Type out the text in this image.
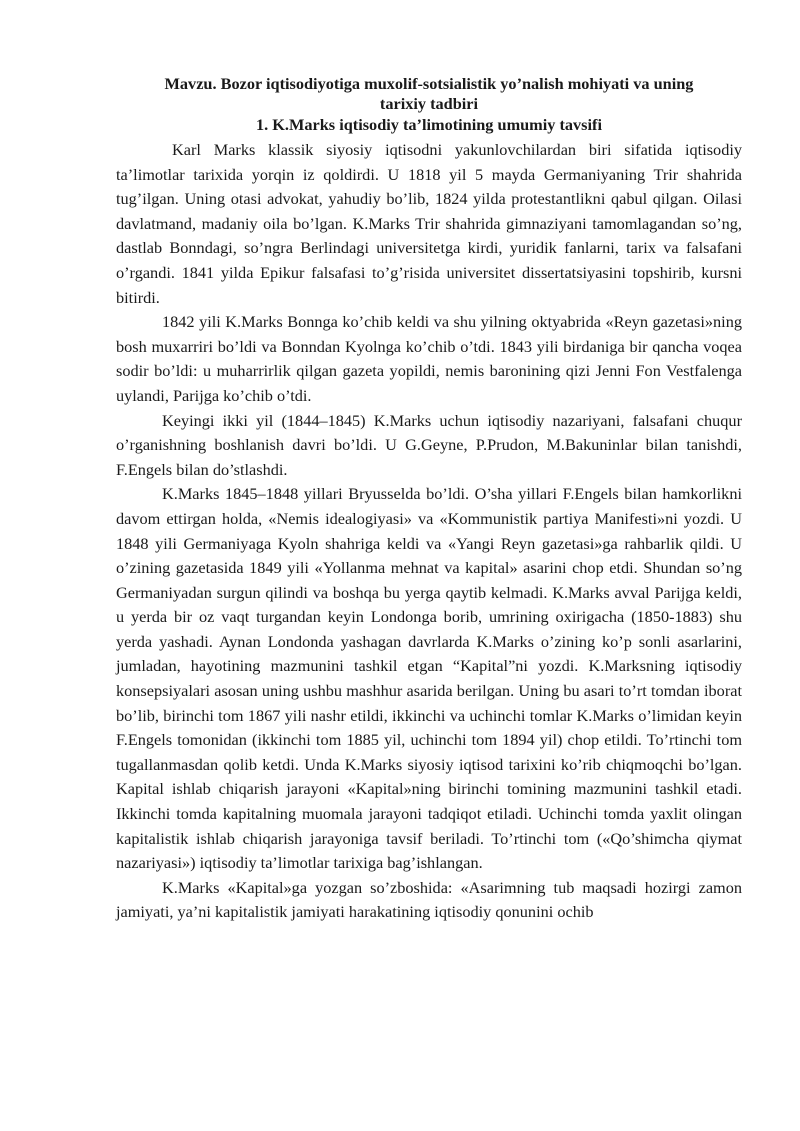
Mavzu. Bozor iqtisodiyotiga muxolif-sotsialistik yo’nalish mohiyati va uning

tarixiy tadbiri

1. K.Marks iqtisodiy ta’limotining umumiy tavsifi

Karl Marks klassik siyosiy iqtisodni yakunlovchilardan biri sifatida iqtisodiy ta’limotlar tarixida yorqin iz qoldirdi. U 1818 yil 5 mayda Germaniyaning Trir shahrida tug’ilgan. Uning otasi advokat, yahudiy bo’lib, 1824 yilda protestantlikni qabul qilgan. Oilasi davlatmand, madaniy oila bo’lgan. K.Marks Trir shahrida gimnaziyani tamomlagandan so’ng, dastlab Bonndagi, so’ngra Berlindagi universitetga kirdi, yuridik fanlarni, tarix va falsafani o’rgandi. 1841 yilda Epikur falsafasi to’g’risida universitet dissertatsiyasini topshirib, kursni bitirdi.

1842 yili K.Marks Bonnga ko’chib keldi va shu yilning oktyabrida «Reyn gazetasi»ning bosh muxarriri bo’ldi va Bonndan Kyolnga ko’chib o’tdi. 1843 yili birdaniga bir qancha voqea sodir bo’ldi: u muharrirlik qilgan gazeta yopildi, nemis baronining qizi Jenni Fon Vestfalenga uylandi, Parijga ko’chib o’tdi.

Keyingi ikki yil (1844–1845) K.Marks uchun iqtisodiy nazariyani, falsafani chuqur o’rganishning boshlanish davri bo’ldi. U G.Geyne, P.Prudon, M.Bakuninlar bilan tanishdi, F.Engels bilan do’stlashdi.

K.Marks 1845–1848 yillari Bryusselda bo’ldi. O’sha yillari F.Engels bilan hamkorlikni davom ettirgan holda, «Nemis idealogiyasi» va «Kommunistik partiya Manifesti»ni yozdi. U 1848 yili Germaniyaga Kyoln shahriga keldi va «Yangi Reyn gazetasi»ga rahbarlik qildi. U o’zining gazetasida 1849 yili «Yollanma mehnat va kapital» asarini chop etdi. Shundan so’ng Germaniyadan surgun qilindi va boshqa bu yerga qaytib kelmadi. K.Marks avval Parijga keldi, u yerda bir oz vaqt turgandan keyin Londonga borib, umrining oxirigacha (1850-1883) shu yerda yashadi. Aynan Londonda yashagan davrlarda K.Marks o’zining ko’p sonli asarlarini, jumladan, hayotining mazmunini tashkil etgan “Kapital”ni yozdi. K.Marksning iqtisodiy konsepsiyalari asosan uning ushbu mashhur asarida berilgan. Uning bu asari to’rt tomdan iborat bo’lib, birinchi tom 1867 yili nashr etildi, ikkinchi va uchinchi tomlar K.Marks o’limidan keyin F.Engels tomonidan (ikkinchi tom 1885 yil, uchinchi tom 1894 yil) chop etildi. To’rtinchi tom tugallanmasdan qolib ketdi. Unda K.Marks siyosiy iqtisod tarixini ko’rib chiqmoqchi bo’lgan. Kapital ishlab chiqarish jarayoni «Kapital»ning birinchi tomining mazmunini tashkil etadi. Ikkinchi tomda kapitalning muomala jarayoni tadqiqot etiladi. Uchinchi tomda yaxlit olingan kapitalistik ishlab chiqarish jarayoniga tavsif beriladi. To’rtinchi tom («Qo’shimcha qiymat nazariyasi») iqtisodiy ta’limotlar tarixiga bag’ishlangan.

K.Marks «Kapital»ga yozgan so’zboshida: «Asarimning tub maqsadi hozirgi zamon jamiyati, ya’ni kapitalistik jamiyati harakatining iqtisodiy qonunini ochib
